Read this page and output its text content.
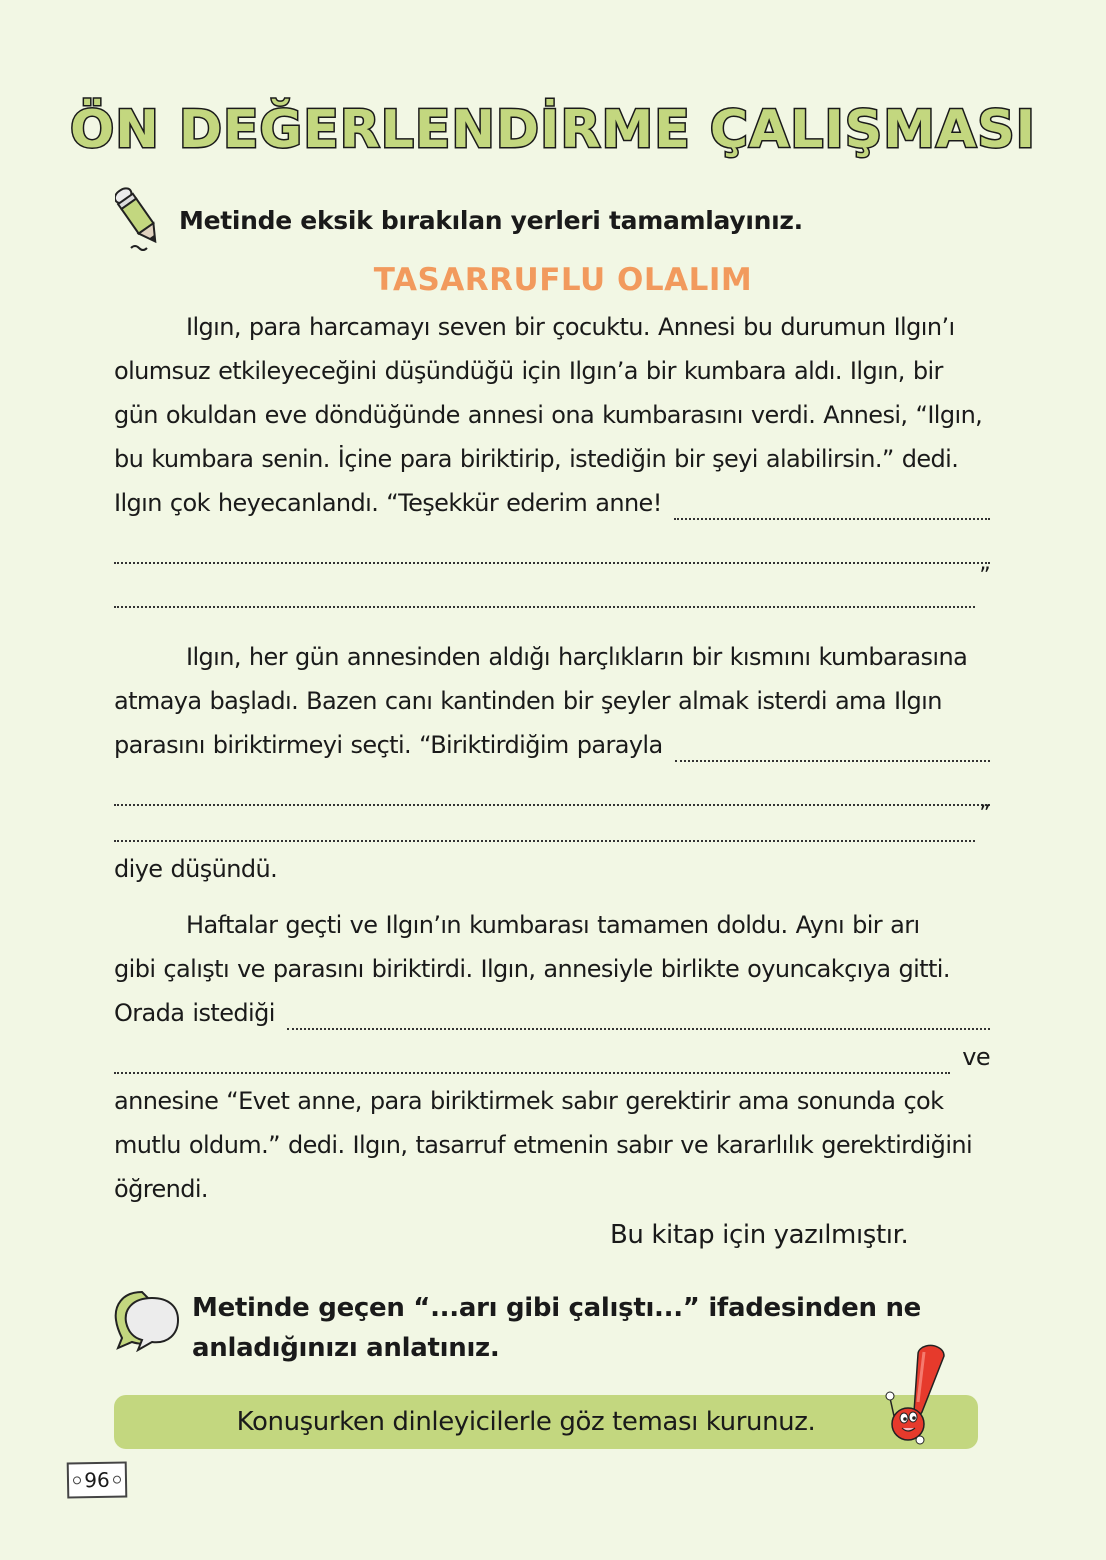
ÖN DEĞERLENDİRME ÇALIŞMASI
Metinde eksik bırakılan yerleri tamamlayınız.
TASARRUFLU OLALIM
Ilgın, para harcamayı seven bir çocuktu. Annesi bu durumun Ilgın’ı
olumsuz etkileyeceğini düşündüğü için Ilgın’a bir kumbara aldı. Ilgın, bir
gün okuldan eve döndüğünde annesi ona kumbarasını verdi. Annesi, “Ilgın,
bu kumbara senin. İçine para biriktirip, istediğin bir şeyi alabilirsin.” dedi.
Ilgın çok heyecanlandı. “Teşekkür ederim anne!
”
Ilgın, her gün annesinden aldığı harçlıkların bir kısmını kumbarasına
atmaya başladı. Bazen canı kantinden bir şeyler almak isterdi ama Ilgın
parasını biriktirmeyi seçti. “Biriktirdiğim parayla
”
diye düşündü.
Haftalar geçti ve Ilgın’ın kumbarası tamamen doldu. Aynı bir arı
gibi çalıştı ve parasını biriktirdi. Ilgın, annesiyle birlikte oyuncakçıya gitti.
Orada istediği
ve
annesine “Evet anne, para biriktirmek sabır gerektirir ama sonunda çok
mutlu oldum.” dedi. Ilgın, tasarruf etmenin sabır ve kararlılık gerektirdiğini
öğrendi.
Bu kitap için yazılmıştır.
Metinde geçen “...arı gibi çalıştı...” ifadesinden ne anladığınızı anlatınız.
Konuşurken dinleyicilerle göz teması kurunuz.
96
